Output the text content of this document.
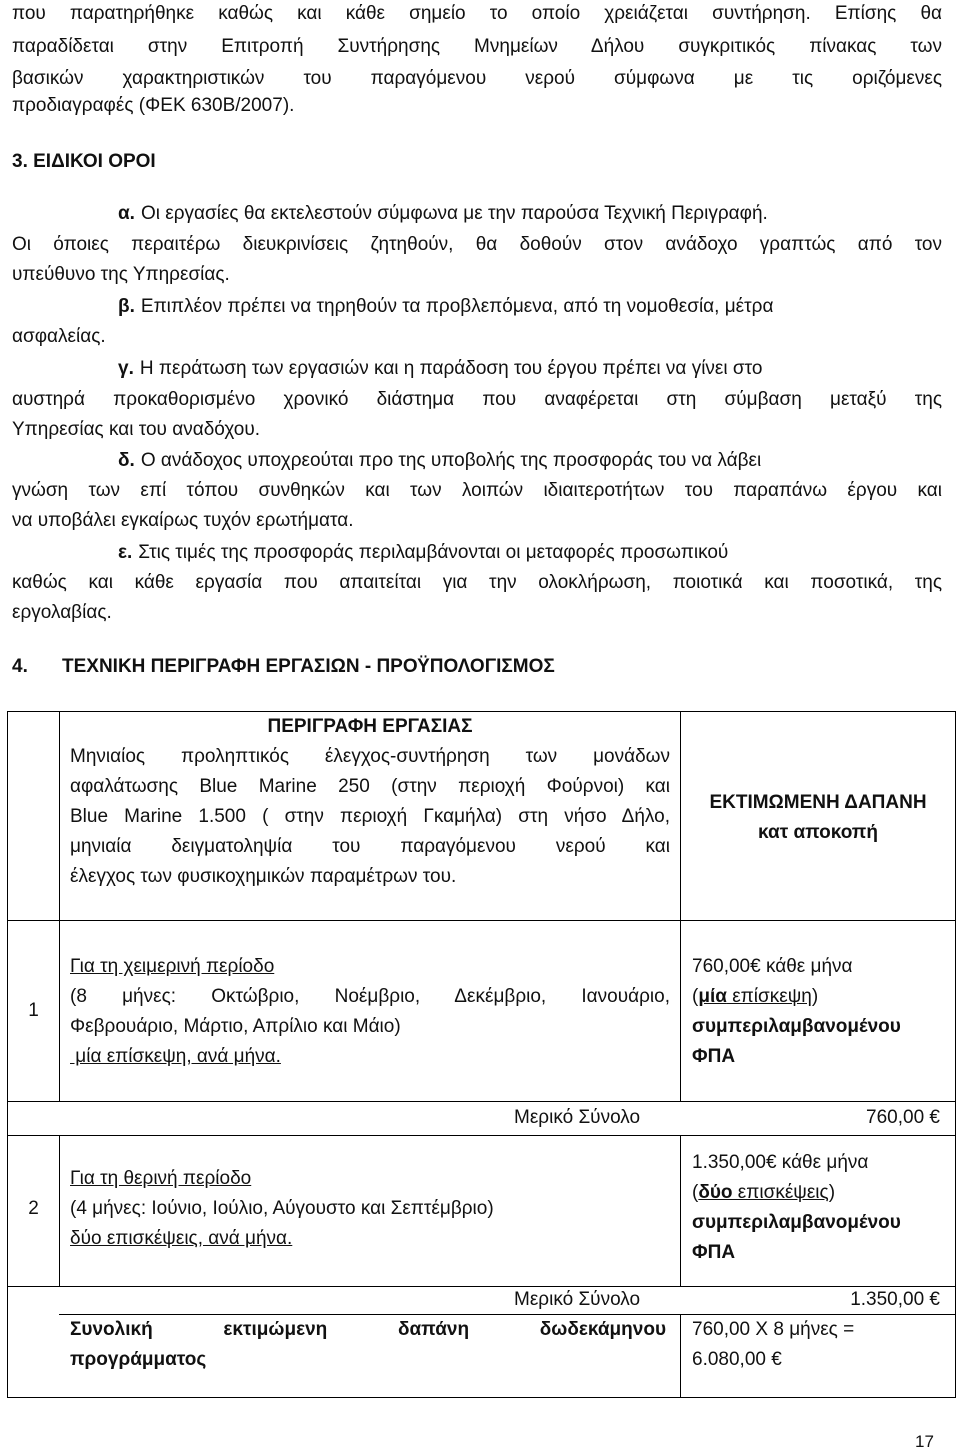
που παρατηρήθηκε καθώς και κάθε σημείο το οποίο χρειάζεται συντήρηση. Επίσης θα
παραδίδεται στην Επιτροπή Συντήρησης Μνημείων Δήλου συγκριτικός πίνακας των
βασικών χαρακτηριστικών του παραγόμενου νερού σύμφωνα με τις οριζόμενες
προδιαγραφές (ΦΕΚ 630Β/2007).
3. ΕΙΔΙΚΟΙ ΟΡΟΙ
α. Οι εργασίες θα εκτελεστούν σύμφωνα με την παρούσα Τεχνική Περιγραφή.
Οι όποιες περαιτέρω διευκρινίσεις ζητηθούν, θα δοθούν στον ανάδοχο γραπτώς από τον
υπεύθυνο της Υπηρεσίας.
β. Επιπλέον πρέπει να τηρηθούν τα προβλεπόμενα, από τη νομοθεσία, μέτρα
ασφαλείας.
γ. Η περάτωση των εργασιών και η παράδοση του έργου πρέπει να γίνει στο
αυστηρά προκαθορισμένο χρονικό διάστημα που αναφέρεται στη σύμβαση μεταξύ της
Υπηρεσίας και του αναδόχου.
δ. Ο ανάδοχος υποχρεούται προ της υποβολής της προσφοράς του να λάβει
γνώση των επί τόπου συνθηκών και των λοιπών ιδιαιτεροτήτων του παραπάνω έργου και
να υποβάλει εγκαίρως τυχόν ερωτήματα.
ε. Στις τιμές της προσφοράς περιλαμβάνονται οι μεταφορές προσωπικού
καθώς και κάθε εργασία που απαιτείται για την ολοκλήρωση, ποιοτικά και ποσοτικά, της
εργολαβίας.
4. ΤΕΧΝΙΚΗ ΠΕΡΙΓΡΑΦΗ ΕΡΓΑΣΙΩΝ - ΠΡΟΫΠΟΛΟΓΙΣΜΟΣ
ΠΕΡΙΓΡΑΦΗ ΕΡΓΑΣΙΑΣ
Μηνιαίος προληπτικός έλεγχος-συντήρηση των μονάδων
αφαλάτωσης Blue Marine 250 (στην περιοχή Φούρνοι) και
Blue Marine 1.500 ( στην περιοχή Γκαμήλα) στη νήσο Δήλο,
μηνιαία δειγματοληψία του παραγόμενου νερού και
έλεγχος των φυσικοχημικών παραμέτρων του.
ΕΚΤΙΜΩΜΕΝΗ ΔΑΠΑΝΗ
κατ αποκοπή
1
Για τη χειμερινή περίοδο
(8 μήνες: Οκτώβριο, Νοέμβριο, Δεκέμβριο, Ιανουάριο,
Φεβρουάριο, Μάρτιο, Απρίλιο και Μάιο)
μία επίσκεψη, ανά μήνα.
760,00€ κάθε μήνα
(μία επίσκεψη)
συμπεριλαμβανομένου
ΦΠΑ
Μερικό Σύνολο	760,00 €
2
Για τη θερινή περίοδο
(4 μήνες: Ιούνιο, Ιούλιο, Αύγουστο και Σεπτέμβριο)
δύο επισκέψεις, ανά μήνα.
1.350,00€ κάθε μήνα
(δύο επισκέψεις)
συμπεριλαμβανομένου
ΦΠΑ
Μερικό Σύνολο	1.350,00 €
Συνολική εκτιμώμενη δαπάνη δωδεκάμηνου
προγράμματος
760,00 Χ 8 μήνες =
6.080,00 €
17
